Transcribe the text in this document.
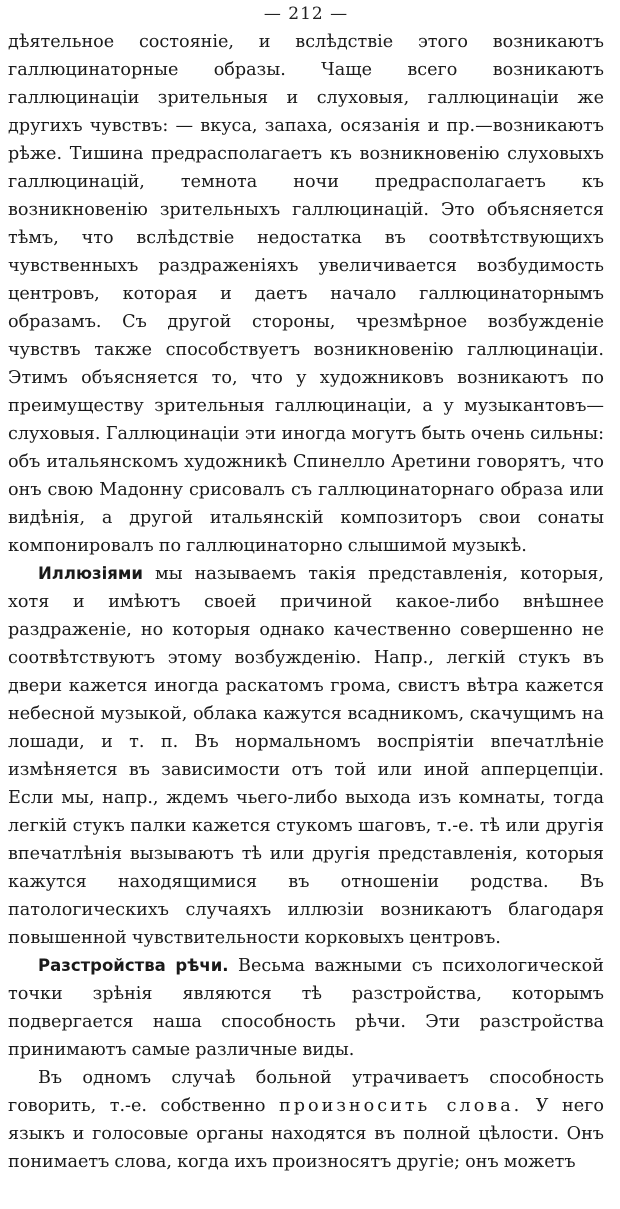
— 212 —

дѣятельное состояніе, и вслѣдствіе этого возникаютъ галлюцинаторные образы. Чаще всего возникаютъ галлюцинаціи зрительныя и слуховыя, галлюцинаціи же другихъ чувствъ: — вкуса, запаха, осязанія и пр.—возникаютъ рѣже. Тишина предрасполагаетъ къ возникновенію слуховыхъ галлюцинацій, темнота ночи предрасполагаетъ къ возникновенію зрительныхъ галлюцинацій. Это объясняется тѣмъ, что вслѣдствіе недостатка въ соотвѣтствующихъ чувственныхъ раздраженіяхъ увеличивается возбудимость центровъ, которая и даетъ начало галлюцинаторнымъ образамъ. Съ другой стороны, чрезмѣрное возбужденіе чувствъ также способствуетъ возникновенію галлюцинаціи. Этимъ объясняется то, что у художниковъ возникаютъ по преимуществу зрительныя галлюцинаціи, а у музыкантовъ—слуховыя. Галлюцинаціи эти иногда могутъ быть очень сильны: объ итальянскомъ художникѣ Спинелло Аретини говорятъ, что онъ свою Мадонну срисовалъ съ галлюцинаторнаго образа или видѣнія, а другой итальянскій композиторъ свои сонаты компонировалъ по галлюцинаторно слышимой музыкѣ.

Иллюзіями мы называемъ такія представленія, которыя, хотя и имѣютъ своей причиной какое-либо внѣшнее раздраженіе, но которыя однако качественно совершенно не соотвѣтствуютъ этому возбужденію. Напр., легкій стукъ въ двери кажется иногда раскатомъ грома, свистъ вѣтра кажется небесной музыкой, облака кажутся всадникомъ, скачущимъ на лошади, и т. п. Въ нормальномъ воспріятіи впечатлѣніе измѣняется въ зависимости отъ той или иной апперцепціи. Если мы, напр., ждемъ чьего-либо выхода изъ комнаты, тогда легкій стукъ палки кажется стукомъ шаговъ, т.-е. тѣ или другія впечатлѣнія вызываютъ тѣ или другія представленія, которыя кажутся находящимися въ отношеніи родства. Въ патологическихъ случаяхъ иллюзіи возникаютъ благодаря повышенной чувствительности корковыхъ центровъ.

Разстройства рѣчи. Весьма важными съ психологической точки зрѣнія являются тѣ разстройства, которымъ подвергается наша способность рѣчи. Эти разстройства принимаютъ самые различные виды.

Въ одномъ случаѣ больной утрачиваетъ способность говорить, т.-е. собственно произносить слова. У него языкъ и голосовые органы находятся въ полной цѣлости. Онъ понимаетъ слова, когда ихъ произносятъ другіе; онъ можетъ
